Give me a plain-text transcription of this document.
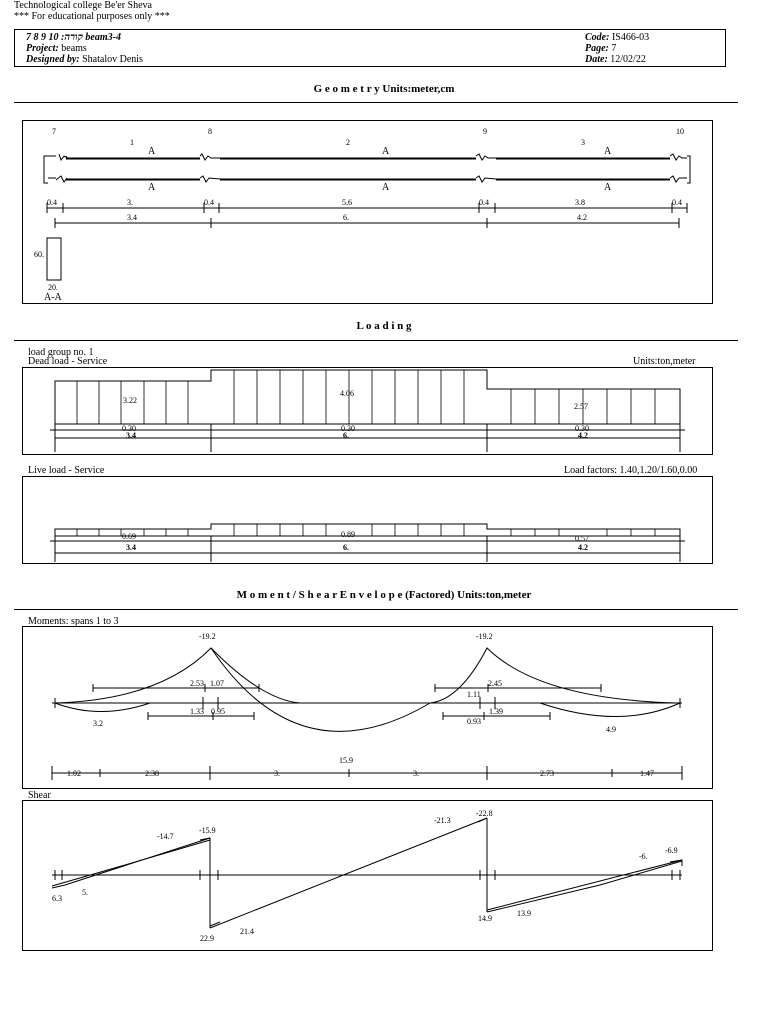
Technological college Be'er Sheva
*** For educational purposes only ***
7 8 9 10 :קורה beam3-4
Project: beams
Designed by: Shatalov Denis
Code: IS466-03
Page: 7
Date: 12/02/22
G e o m e t r y Units:meter,cm
7	8	9	10
1	2	3
A	A	A
A	A	A
0.4	3.	0.4	5.6	0.4	3.8	0.4
3.4	6.	4.2
60.
20.
A-A
L o a d i n g
load group no. 1
Dead load - Service	Units:ton,meter
3.22
4.06
2.57
0.30	0.30	0.30
3.4	6.	4.2
Live load - Service	Load factors: 1.40,1.20/1.60,0.00
0.69	0.89	0.57
3.4	6.	4.2
M o m e n t / S h e a r E n v e l o p e (Factored) Units:ton,meter
Moments: spans 1 to 3
-19.2	-19.2
2.53 1.07
1.33 0.95
2.45
1.11
1.39
0.93
3.2
15.9
4.9
1.02	2.38	3.	3.	2.73	1.47
Shear
-14.7
-15.9
-21.3
-22.8
-6.
-6.9
6.3
5.
22.9
21.4
14.9
13.9
